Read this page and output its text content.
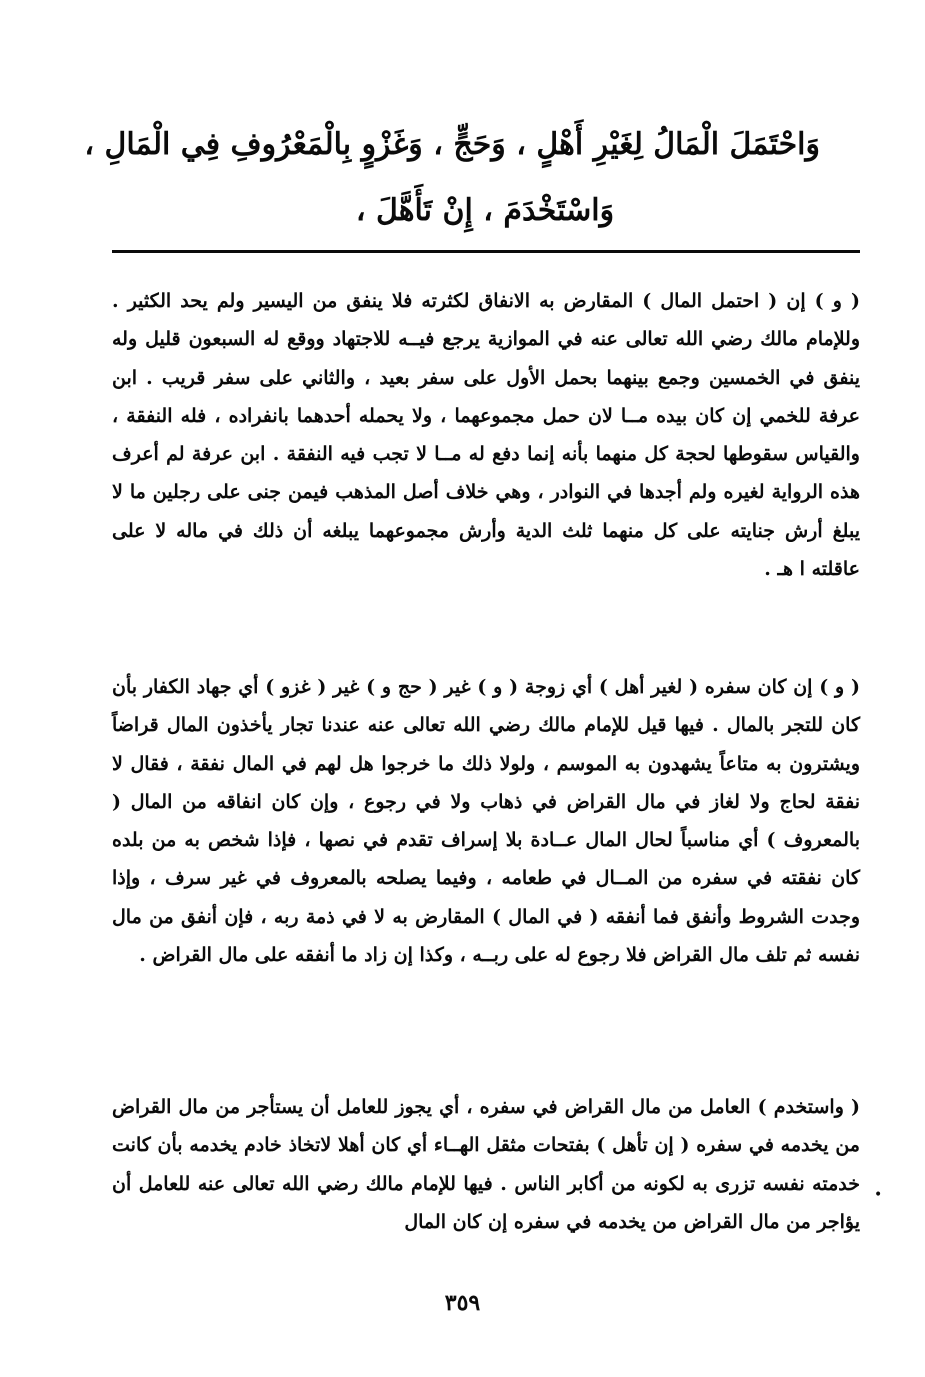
وَاحْتَمَلَ الْمَالُ لِغَيْرِ أَهْلٍ ، وَحَجٍّ ، وَغَزْوٍ بِالْمَعْرُوفِ فِي الْمَالِ ،
وَاسْتَخْدَمَ ، إِنْ تَأَهَّلَ ،

( و ) إن ( احتمل المال ) المقارض به الانفاق لكثرته فلا ينفق من اليسير ولم يحد الكثير . وللإمام مالك رضي الله تعالى عنه في الموازية يرجع فيــه للاجتهاد ووقع له السبعون قليل وله ينفق في الخمسين وجمع بينهما بحمل الأول على سفر بعيد ، والثاني على سفر قريب . ابن عرفة للخمي إن كان بيده مــا لان حمل مجموعهما ، ولا يحمله أحدهما بانفراده ، فله النفقة ، والقياس سقوطها لحجة كل منهما بأنه إنما دفع له مــا لا تجب فيه النفقة . ابن عرفة لم أعرف هذه الرواية لغيره ولم أجدها في النوادر ، وهي خلاف أصل المذهب فيمن جنى على رجلين ما لا يبلغ أرش جنايته على كل منهما ثلث الدية وأرش مجموعهما يبلغه أن ذلك في ماله لا على عاقلته ا هـ .

( و ) إن كان سفره ( لغير أهل ) أي زوجة ( و ) غير ( حج و ) غير ( غزو ) أي جهاد الكفار بأن كان للتجر بالمال . فيها قيل للإمام مالك رضي الله تعالى عنه عندنا تجار يأخذون المال قراضاً ويشترون به متاعاً يشهدون به الموسم ، ولولا ذلك ما خرجوا هل لهم في المال نفقة ، فقال لا نفقة لحاج ولا لغاز في مال القراض في ذهاب ولا في رجوع ، وإن كان انفاقه من المال ( بالمعروف ) أي مناسباً لحال المال عــادة بلا إسراف تقدم في نصها ، فإذا شخص به من بلده كان نفقته في سفره من المــال في طعامه ، وفيما يصلحه بالمعروف في غير سرف ، وإذا وجدت الشروط وأنفق فما أنفقه ( في المال ) المقارض به لا في ذمة ربه ، فإن أنفق من مال نفسه ثم تلف مال القراض فلا رجوع له على ربــه ، وكذا إن زاد ما أنفقه على مال القراض .

( واستخدم ) العامل من مال القراض في سفره ، أي يجوز للعامل أن يستأجر من مال القراض من يخدمه في سفره ( إن تأهل ) بفتحات مثقل الهــاء أي كان أهلا لاتخاذ خادم يخدمه بأن كانت خدمته نفسه تزرى به لكونه من أكابر الناس . فيها للإمام مالك رضي الله تعالى عنه للعامل أن يؤاجر من مال القراض من يخدمه في سفره إن كان المال

•
٣٥٩
